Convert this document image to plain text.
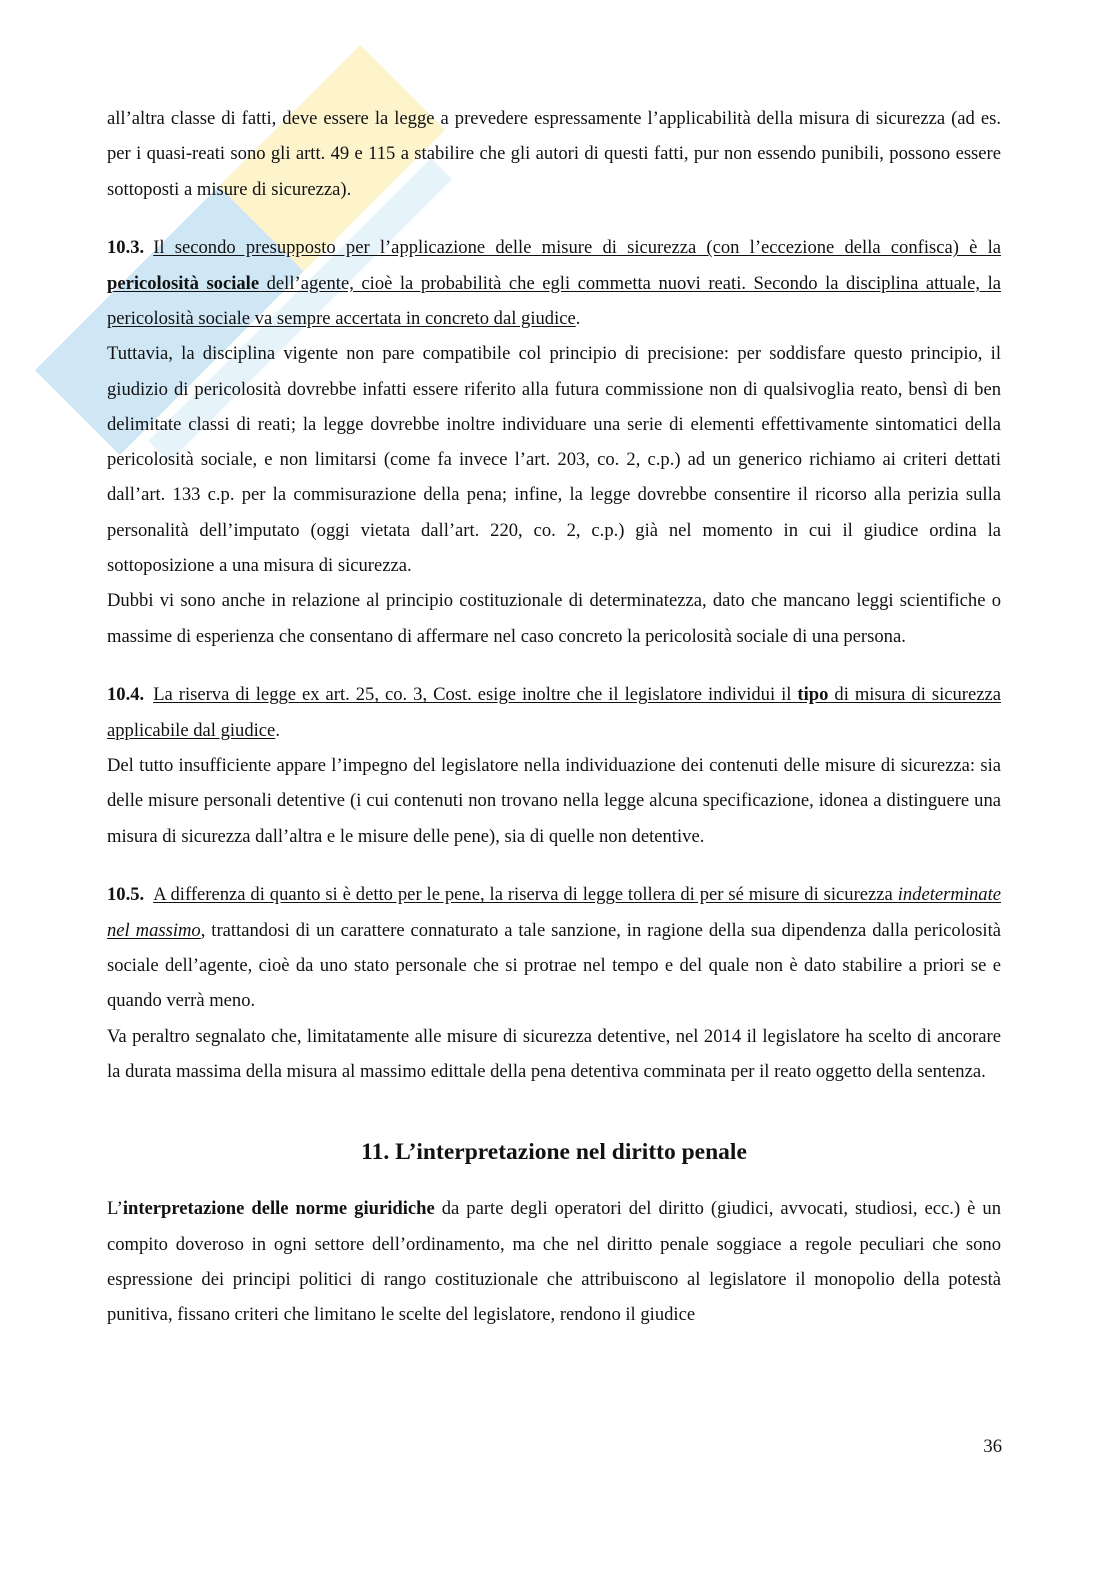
all’altra classe di fatti, deve essere la legge a prevedere espressamente l’applicabilità della misura di sicurezza (ad es. per i quasi-reati sono gli artt. 49 e 115 a stabilire che gli autori di questi fatti, pur non essendo punibili, possono essere sottoposti a misure di sicurezza).

10.3. Il secondo presupposto per l’applicazione delle misure di sicurezza (con l’eccezione della confisca) è la pericolosità sociale dell’agente, cioè la probabilità che egli commetta nuovi reati. Secondo la disciplina attuale, la pericolosità sociale va sempre accertata in concreto dal giudice.

Tuttavia, la disciplina vigente non pare compatibile col principio di precisione: per soddisfare questo principio, il giudizio di pericolosità dovrebbe infatti essere riferito alla futura commissione non di qualsivoglia reato, bensì di ben delimitate classi di reati; la legge dovrebbe inoltre individuare una serie di elementi effettivamente sintomatici della pericolosità sociale, e non limitarsi (come fa invece l’art. 203, co. 2, c.p.) ad un generico richiamo ai criteri dettati dall’art. 133 c.p. per la commisurazione della pena; infine, la legge dovrebbe consentire il ricorso alla perizia sulla personalità dell’imputato (oggi vietata dall’art. 220, co. 2, c.p.) già nel momento in cui il giudice ordina la sottoposizione a una misura di sicurezza.

Dubbi vi sono anche in relazione al principio costituzionale di determinatezza, dato che mancano leggi scientifiche o massime di esperienza che consentano di affermare nel caso concreto la pericolosità sociale di una persona.

10.4. La riserva di legge ex art. 25, co. 3, Cost. esige inoltre che il legislatore individui il tipo di misura di sicurezza applicabile dal giudice.

Del tutto insufficiente appare l’impegno del legislatore nella individuazione dei contenuti delle misure di sicurezza: sia delle misure personali detentive (i cui contenuti non trovano nella legge alcuna specificazione, idonea a distinguere una misura di sicurezza dall’altra e le misure delle pene), sia di quelle non detentive.

10.5. A differenza di quanto si è detto per le pene, la riserva di legge tollera di per sé misure di sicurezza indeterminate nel massimo, trattandosi di un carattere connaturato a tale sanzione, in ragione della sua dipendenza dalla pericolosità sociale dell’agente, cioè da uno stato personale che si protrae nel tempo e del quale non è dato stabilire a priori se e quando verrà meno.

Va peraltro segnalato che, limitatamente alle misure di sicurezza detentive, nel 2014 il legislatore ha scelto di ancorare la durata massima della misura al massimo edittale della pena detentiva comminata per il reato oggetto della sentenza.

11. L’interpretazione nel diritto penale

L’interpretazione delle norme giuridiche da parte degli operatori del diritto (giudici, avvocati, studiosi, ecc.) è un compito doveroso in ogni settore dell’ordinamento, ma che nel diritto penale soggiace a regole peculiari che sono espressione dei principi politici di rango costituzionale che attribuiscono al legislatore il monopolio della potestà punitiva, fissano criteri che limitano le scelte del legislatore, rendono il giudice

36
